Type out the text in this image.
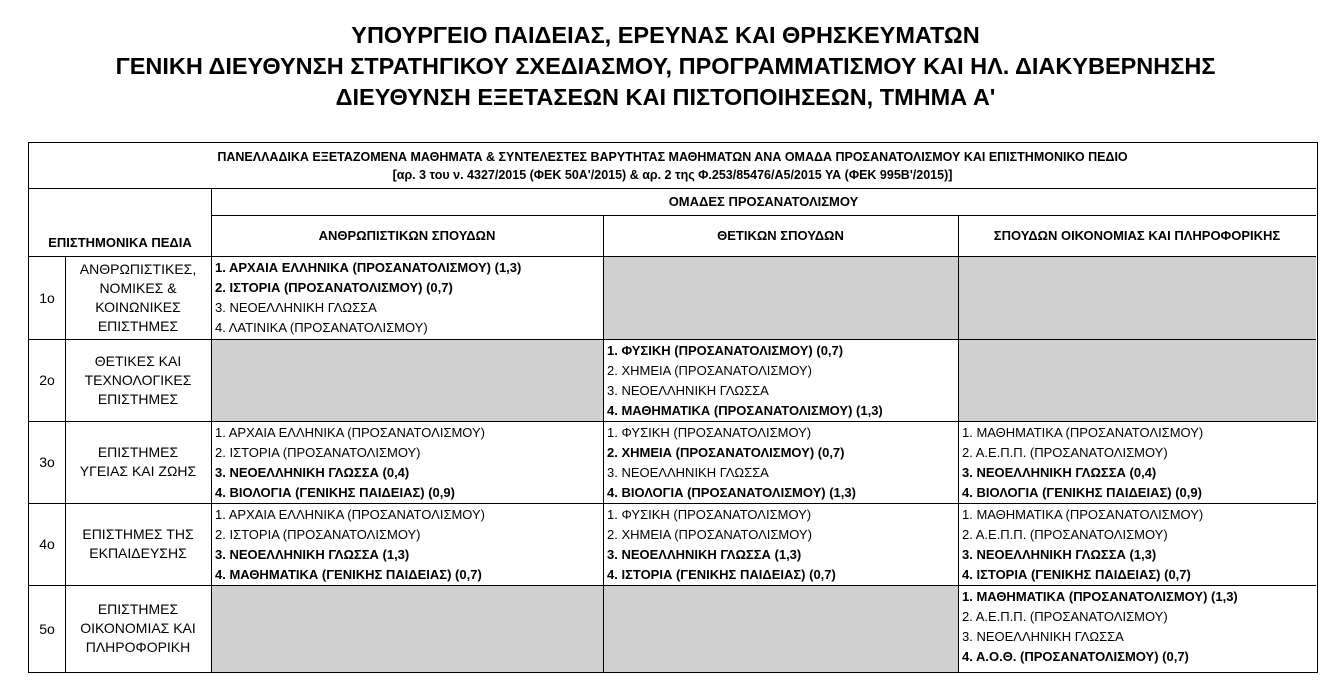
ΥΠΟΥΡΓΕΙΟ ΠΑΙΔΕΙΑΣ, ΕΡΕΥΝΑΣ ΚΑΙ ΘΡΗΣΚΕΥΜΑΤΩΝ
ΓΕΝΙΚΗ ΔΙΕΥΘΥΝΣΗ ΣΤΡΑΤΗΓΙΚΟΥ ΣΧΕΔΙΑΣΜΟΥ, ΠΡΟΓΡΑΜΜΑΤΙΣΜΟΥ ΚΑΙ ΗΛ. ΔΙΑΚΥΒΕΡΝΗΣΗΣ
ΔΙΕΥΘΥΝΣΗ ΕΞΕΤΑΣΕΩΝ ΚΑΙ ΠΙΣΤΟΠΟΙΗΣΕΩΝ, ΤΜΗΜΑ Α'
ΠΑΝΕΛΛΑΔΙΚΑ ΕΞΕΤΑΖΟΜΕΝΑ ΜΑΘΗΜΑΤΑ & ΣΥΝΤΕΛΕΣΤΕΣ ΒΑΡΥΤΗΤΑΣ ΜΑΘΗΜΑΤΩΝ ΑΝΑ ΟΜΑΔΑ ΠΡΟΣΑΝΑΤΟΛΙΣΜΟΥ ΚΑΙ ΕΠΙΣΤΗΜΟΝΙΚΟ ΠΕΔΙΟ
[αρ. 3 του ν. 4327/2015 (ΦΕΚ 50Α'/2015) & αρ. 2 της Φ.253/85476/Α5/2015 ΥΑ (ΦΕΚ 995Β'/2015)]
ΕΠΙΣΤΗΜΟΝΙΚΑ ΠΕΔΙΑ
ΟΜΑΔΕΣ ΠΡΟΣΑΝΑΤΟΛΙΣΜΟΥ
ΑΝΘΡΩΠΙΣΤΙΚΩΝ ΣΠΟΥΔΩΝ	ΘΕΤΙΚΩΝ ΣΠΟΥΔΩΝ	ΣΠΟΥΔΩΝ ΟΙΚΟΝΟΜΙΑΣ ΚΑΙ ΠΛΗΡΟΦΟΡΙΚΗΣ
1ο
ΑΝΘΡΩΠΙΣΤΙΚΕΣ,
ΝΟΜΙΚΕΣ &
ΚΟΙΝΩΝΙΚΕΣ
ΕΠΙΣΤΗΜΕΣ
1. ΑΡΧΑΙΑ ΕΛΛΗΝΙΚΑ (ΠΡΟΣΑΝΑΤΟΛΙΣΜΟΥ) (1,3)
2. ΙΣΤΟΡΙΑ (ΠΡΟΣΑΝΑΤΟΛΙΣΜΟΥ) (0,7)
3. ΝΕΟΕΛΛΗΝΙΚΗ ΓΛΩΣΣΑ
4. ΛΑΤΙΝΙΚΑ (ΠΡΟΣΑΝΑΤΟΛΙΣΜΟΥ)
2ο
ΘΕΤΙΚΕΣ ΚΑΙ
ΤΕΧΝΟΛΟΓΙΚΕΣ
ΕΠΙΣΤΗΜΕΣ
1. ΦΥΣΙΚΗ (ΠΡΟΣΑΝΑΤΟΛΙΣΜΟΥ) (0,7)
2. ΧΗΜΕΙΑ (ΠΡΟΣΑΝΑΤΟΛΙΣΜΟΥ)
3. ΝΕΟΕΛΛΗΝΙΚΗ ΓΛΩΣΣΑ
4. ΜΑΘΗΜΑΤΙΚΑ (ΠΡΟΣΑΝΑΤΟΛΙΣΜΟΥ) (1,3)
3ο
ΕΠΙΣΤΗΜΕΣ
ΥΓΕΙΑΣ ΚΑΙ ΖΩΗΣ
1. ΑΡΧΑΙΑ ΕΛΛΗΝΙΚΑ (ΠΡΟΣΑΝΑΤΟΛΙΣΜΟΥ)
2. ΙΣΤΟΡΙΑ (ΠΡΟΣΑΝΑΤΟΛΙΣΜΟΥ)
3. ΝΕΟΕΛΛΗΝΙΚΗ ΓΛΩΣΣΑ (0,4)
4. ΒΙΟΛΟΓΙΑ (ΓΕΝΙΚΗΣ ΠΑΙΔΕΙΑΣ) (0,9)
1. ΦΥΣΙΚΗ (ΠΡΟΣΑΝΑΤΟΛΙΣΜΟΥ)
2. ΧΗΜΕΙΑ (ΠΡΟΣΑΝΑΤΟΛΙΣΜΟΥ) (0,7)
3. ΝΕΟΕΛΛΗΝΙΚΗ ΓΛΩΣΣΑ
4. ΒΙΟΛΟΓΙΑ (ΠΡΟΣΑΝΑΤΟΛΙΣΜΟΥ) (1,3)
1. ΜΑΘΗΜΑΤΙΚΑ (ΠΡΟΣΑΝΑΤΟΛΙΣΜΟΥ)
2. Α.Ε.Π.Π. (ΠΡΟΣΑΝΑΤΟΛΙΣΜΟΥ)
3. ΝΕΟΕΛΛΗΝΙΚΗ ΓΛΩΣΣΑ (0,4)
4. ΒΙΟΛΟΓΙΑ (ΓΕΝΙΚΗΣ ΠΑΙΔΕΙΑΣ) (0,9)
4ο
ΕΠΙΣΤΗΜΕΣ ΤΗΣ
ΕΚΠΑΙΔΕΥΣΗΣ
1. ΑΡΧΑΙΑ ΕΛΛΗΝΙΚΑ (ΠΡΟΣΑΝΑΤΟΛΙΣΜΟΥ)
2. ΙΣΤΟΡΙΑ (ΠΡΟΣΑΝΑΤΟΛΙΣΜΟΥ)
3. ΝΕΟΕΛΛΗΝΙΚΗ ΓΛΩΣΣΑ (1,3)
4. ΜΑΘΗΜΑΤΙΚΑ (ΓΕΝΙΚΗΣ ΠΑΙΔΕΙΑΣ) (0,7)
1. ΦΥΣΙΚΗ (ΠΡΟΣΑΝΑΤΟΛΙΣΜΟΥ)
2. ΧΗΜΕΙΑ (ΠΡΟΣΑΝΑΤΟΛΙΣΜΟΥ)
3. ΝΕΟΕΛΛΗΝΙΚΗ ΓΛΩΣΣΑ (1,3)
4. ΙΣΤΟΡΙΑ (ΓΕΝΙΚΗΣ ΠΑΙΔΕΙΑΣ) (0,7)
1. ΜΑΘΗΜΑΤΙΚΑ (ΠΡΟΣΑΝΑΤΟΛΙΣΜΟΥ)
2. Α.Ε.Π.Π. (ΠΡΟΣΑΝΑΤΟΛΙΣΜΟΥ)
3. ΝΕΟΕΛΛΗΝΙΚΗ ΓΛΩΣΣΑ (1,3)
4. ΙΣΤΟΡΙΑ (ΓΕΝΙΚΗΣ ΠΑΙΔΕΙΑΣ) (0,7)
5ο
ΕΠΙΣΤΗΜΕΣ
ΟΙΚΟΝΟΜΙΑΣ ΚΑΙ
ΠΛΗΡΟΦΟΡΙΚΗ
1. ΜΑΘΗΜΑΤΙΚΑ (ΠΡΟΣΑΝΑΤΟΛΙΣΜΟΥ) (1,3)
2. Α.Ε.Π.Π. (ΠΡΟΣΑΝΑΤΟΛΙΣΜΟΥ)
3. ΝΕΟΕΛΛΗΝΙΚΗ ΓΛΩΣΣΑ
4. Α.Ο.Θ. (ΠΡΟΣΑΝΑΤΟΛΙΣΜΟΥ) (0,7)
